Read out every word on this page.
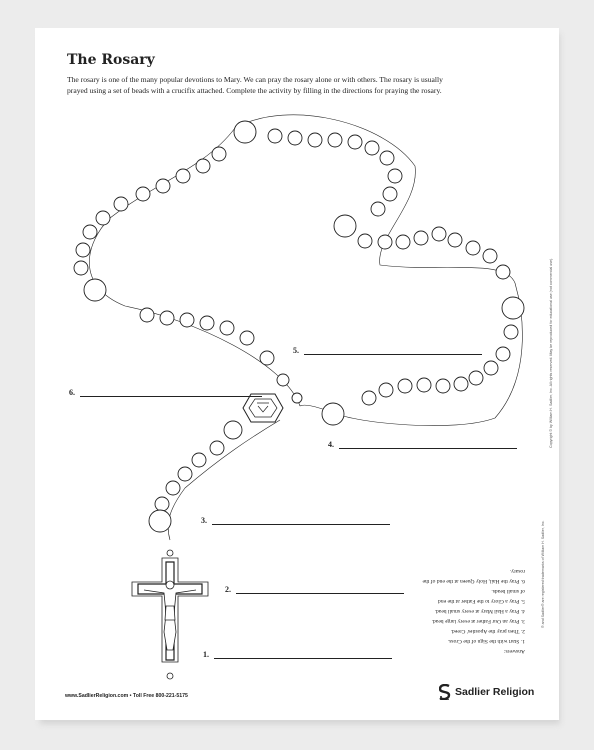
The Rosary
The rosary is one of the many popular devotions to Mary. We can pray the rosary alone or with others. The rosary is usually
prayed using a set of beads with a crucifix attached. Complete the activity by filling in the directions for praying the rosary.
6.
5.
4.
3.
2.
1.	Answers:
1. Start with the Sign of the Cross.
2. Then pray the Apostles' Creed.
3. Pray an Our Father at every large bead.
4. Pray a Hail Mary at every small bead.
5. Pray a Glory to the Father at the end
of small beads.
6. Pray the Hail, Holy Queen at the end of the
rosary.
Copyright © by William H. Sadlier, Inc. All rights reserved. May be reproduced for educational use (not commercial use).
® and Sadlier® are registered trademarks of William H. Sadlier, Inc.
www.SadlierReligion.com • Toll Free 800-221-5175	Sadlier Religion
